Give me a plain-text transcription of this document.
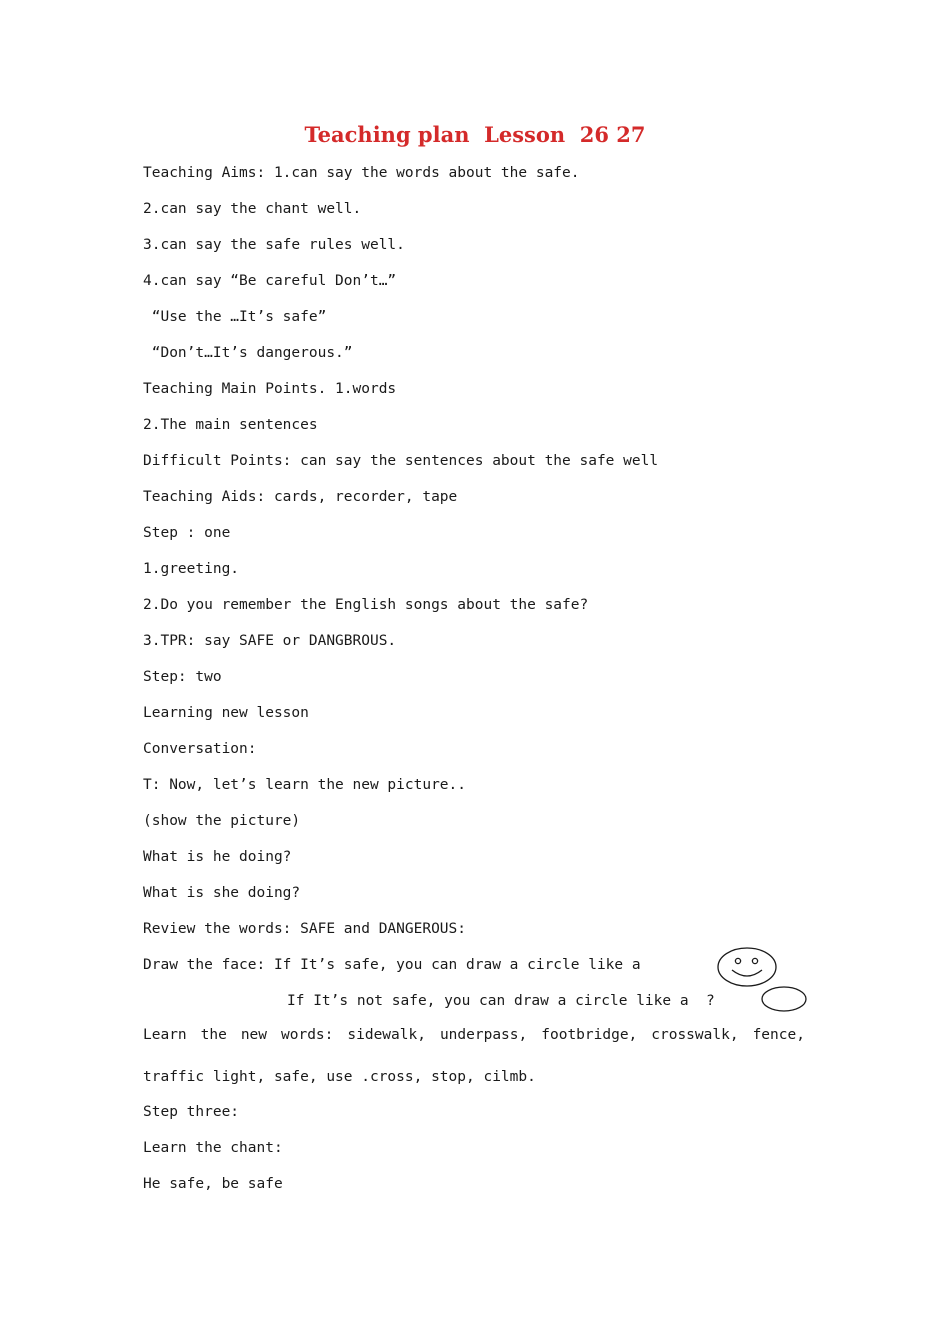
Teaching plan  Lesson  26 27
Teaching Aims: 1.can say the words about the safe.
2.can say the chant well.
3.can say the safe rules well.
4.can say “Be careful Don’t…”
“Use the …It’s safe”
“Don’t…It’s dangerous.”
Teaching Main Points. 1.words
2.The main sentences
Difficult Points: can say the sentences about the safe well
Teaching Aids: cards, recorder, tape
Step : one
1.greeting.
2.Do you remember the English songs about the safe?
3.TPR: say SAFE or DANGBROUS.
Step: two
Learning new lesson
Conversation:
T: Now, let’s learn the new picture..
(show the picture)
What is he doing?
What is she doing?
Review the words: SAFE and DANGEROUS:
Draw the face: If It’s safe, you can draw a circle like a
If It’s not safe, you can draw a circle like a  ?
Learn the new words: sidewalk, underpass, footbridge, crosswalk, fence,
traffic light, safe, use .cross, stop, cilmb.
Step three:
Learn the chant:
He safe, be safe
